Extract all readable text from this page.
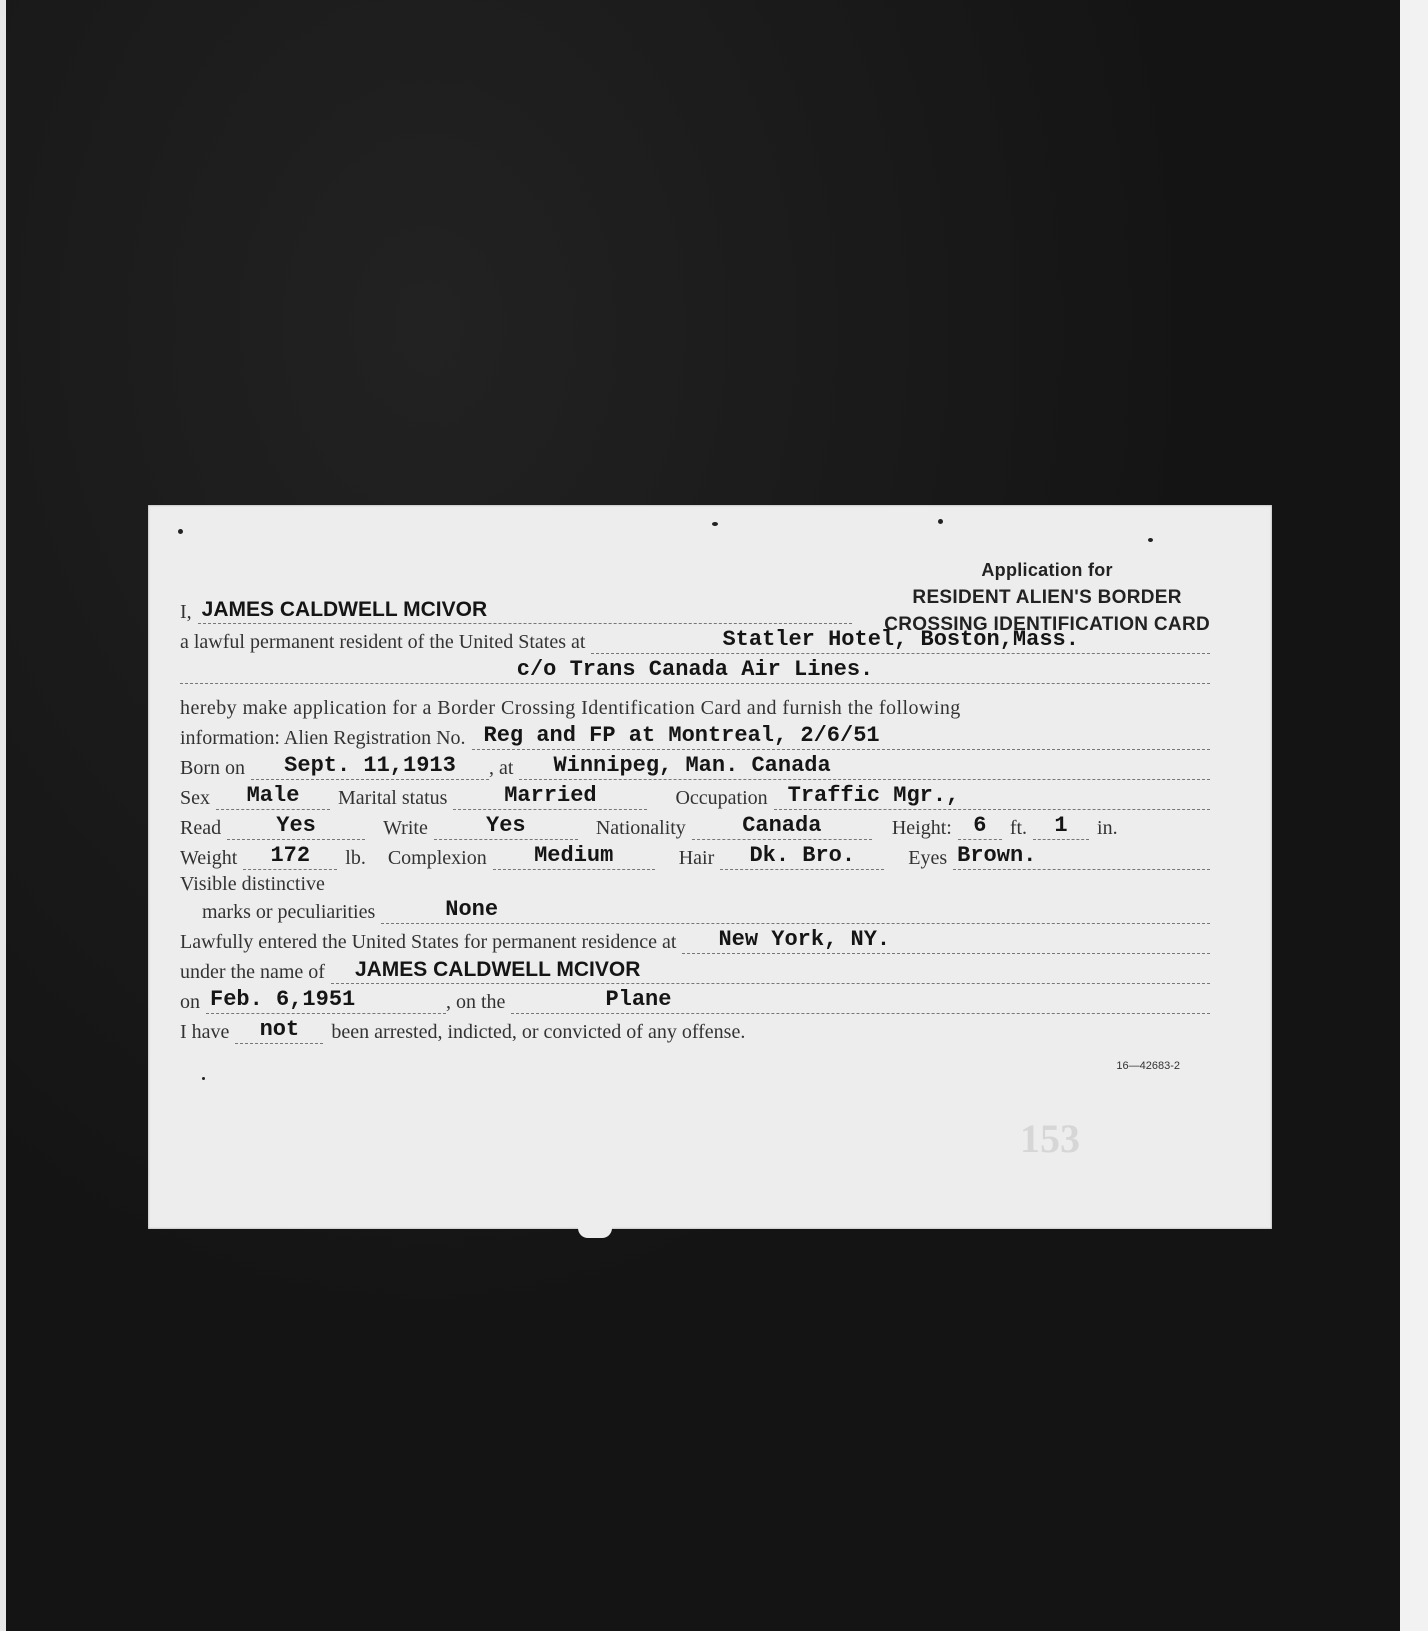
Application for
RESIDENT ALIEN'S BORDER
CROSSING IDENTIFICATION CARD
I, JAMES CALDWELL MCIVOR
a lawful permanent resident of the United States at	Statler Hotel, Boston,Mass.
c/o Trans Canada Air Lines.
hereby make application for a Border Crossing Identification Card and furnish the following
information: Alien Registration No. Reg and FP at Montreal, 2/6/51
Born on	Sept. 11,1913	, at	Winnipeg, Man. Canada
Sex	Male	Marital status	Married	Occupation Traffic Mgr.,
Read	Yes	Write	Yes	Nationality	Canada	Height: 6	ft.	1	in.
Weight	172	lb.	Complexion	Medium	Hair	Dk. Bro.	Eyes Brown.
Visible distinctive
marks or peculiarities	None
Lawfully entered the United States for permanent residence at	New York, NY.
under the name of	JAMES CALDWELL MCIVOR
on Feb. 6,1951	, on the	Plane
I have	not	been arrested, indicted, or convicted of any offense.
16—42683-2
153
